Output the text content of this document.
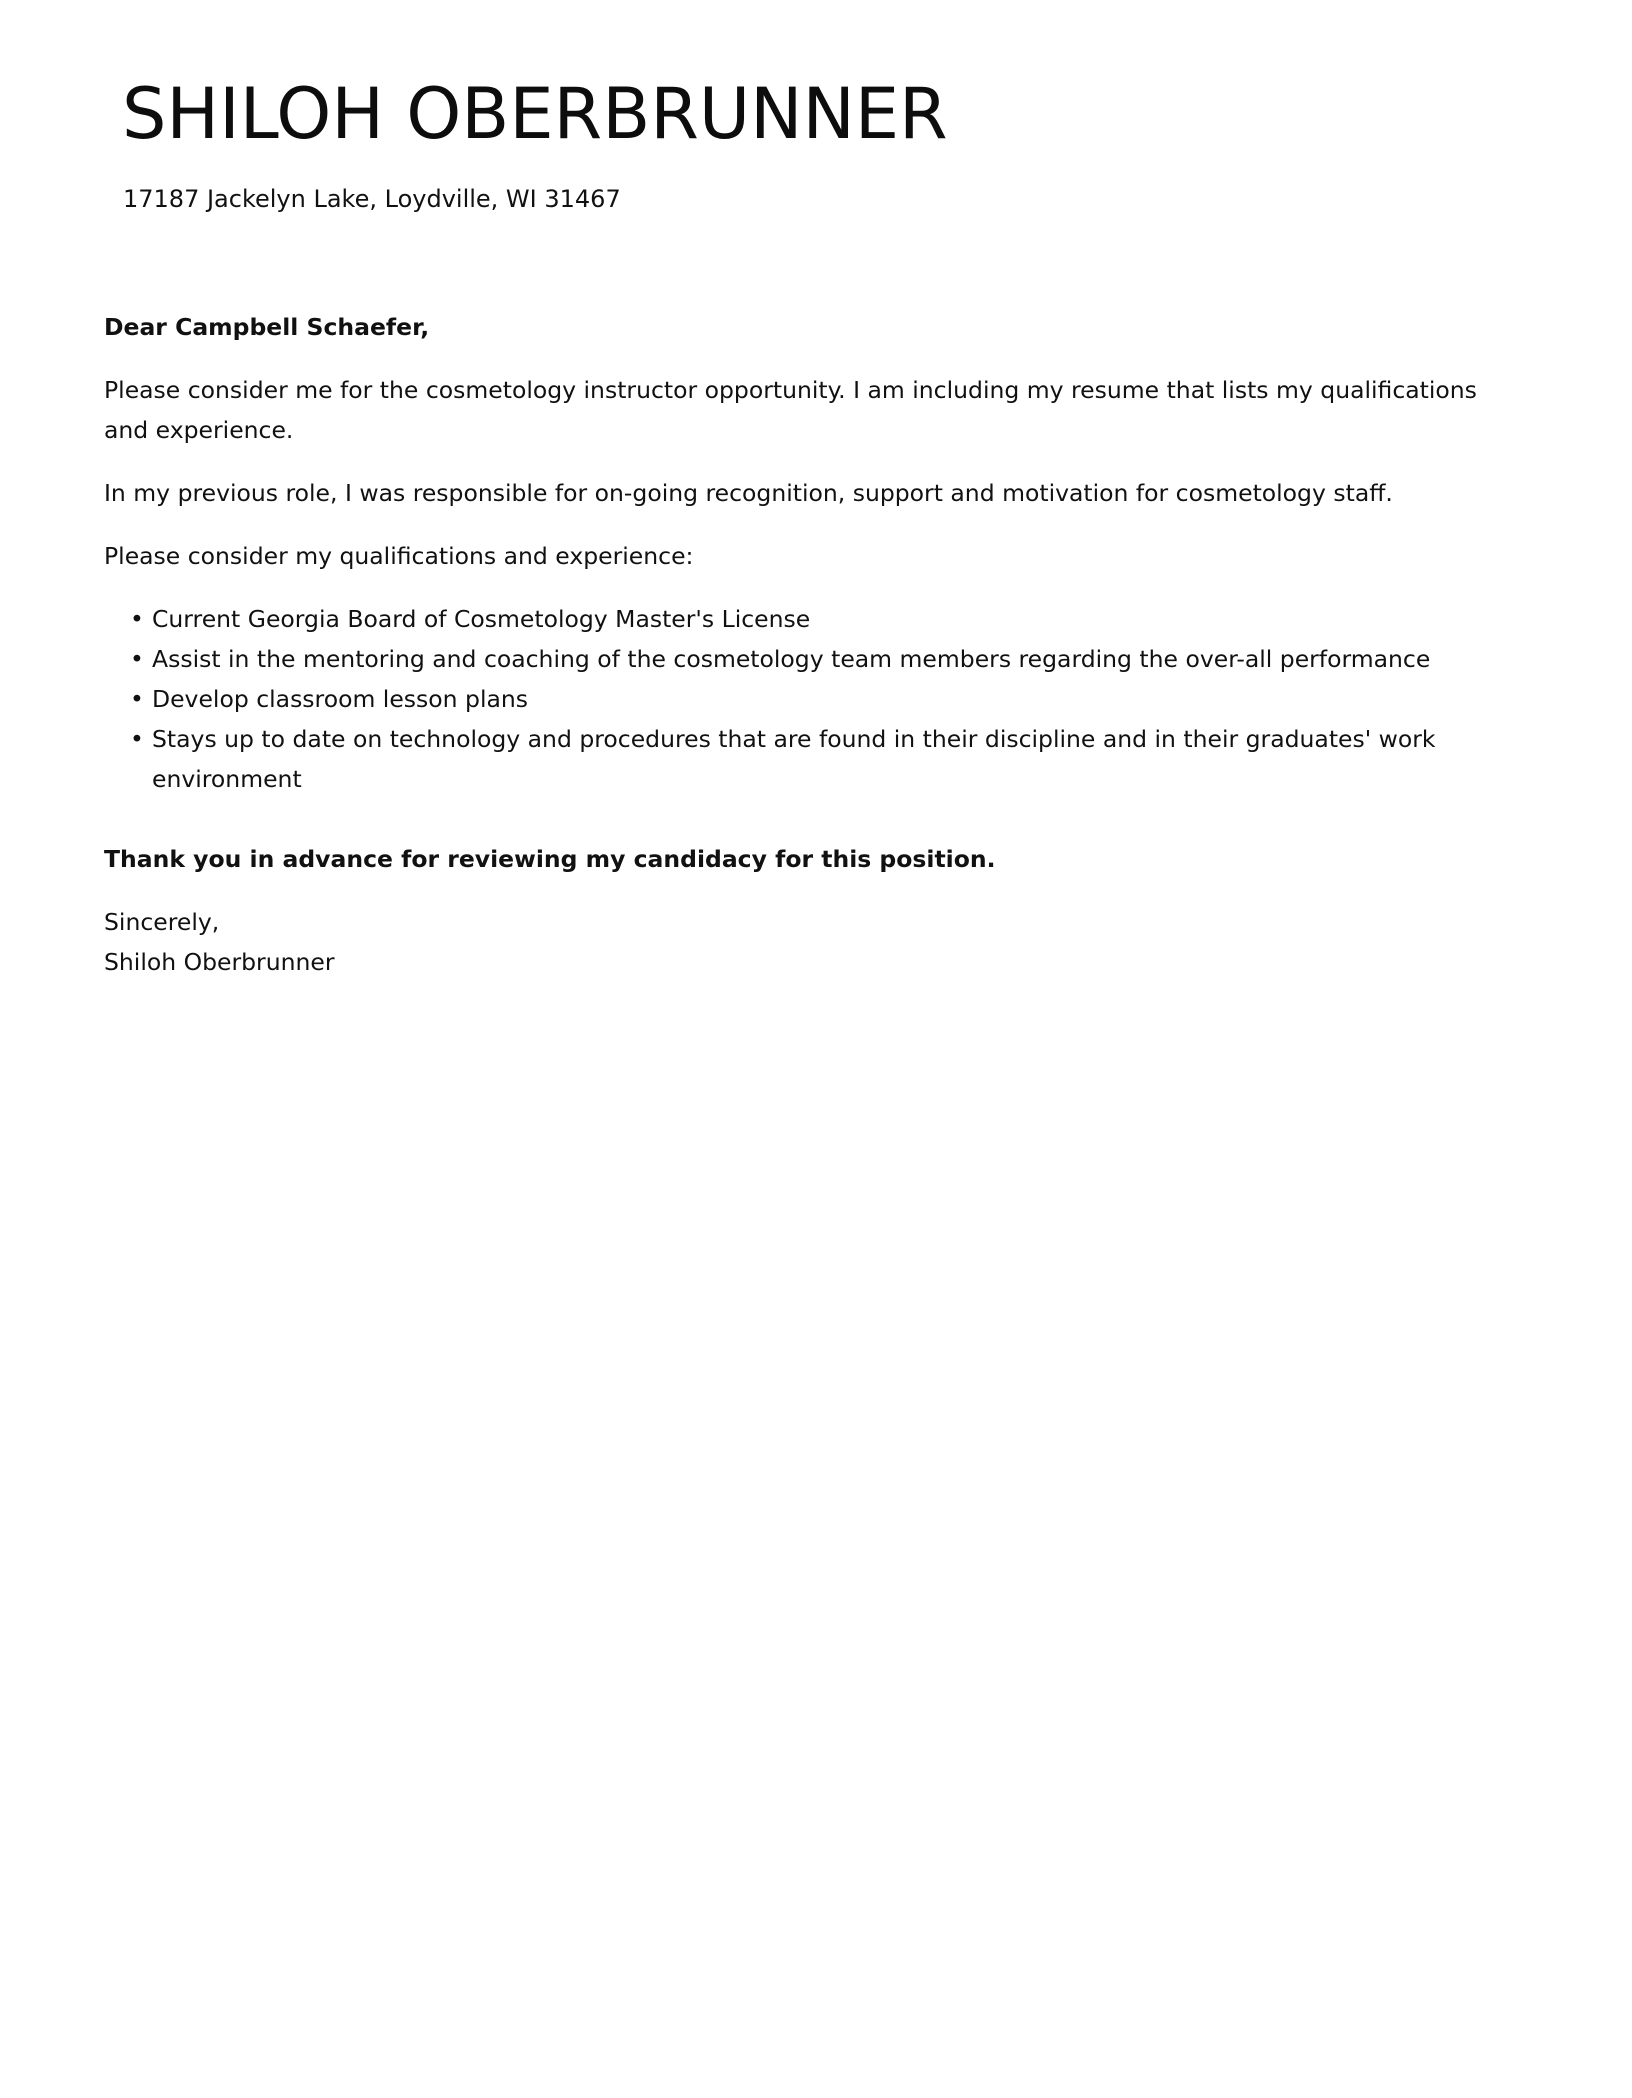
SHILOH OBERBRUNNER
17187 Jackelyn Lake, Loydville, WI 31467

Dear Campbell Schaefer,

Please consider me for the cosmetology instructor opportunity. I am including my resume that lists my qualifications and experience.

In my previous role, I was responsible for on-going recognition, support and motivation for cosmetology staff.

Please consider my qualifications and experience:

• Current Georgia Board of Cosmetology Master's License
• Assist in the mentoring and coaching of the cosmetology team members regarding the over-all performance
• Develop classroom lesson plans
• Stays up to date on technology and procedures that are found in their discipline and in their graduates' work environment

Thank you in advance for reviewing my candidacy for this position.

Sincerely,
Shiloh Oberbrunner
